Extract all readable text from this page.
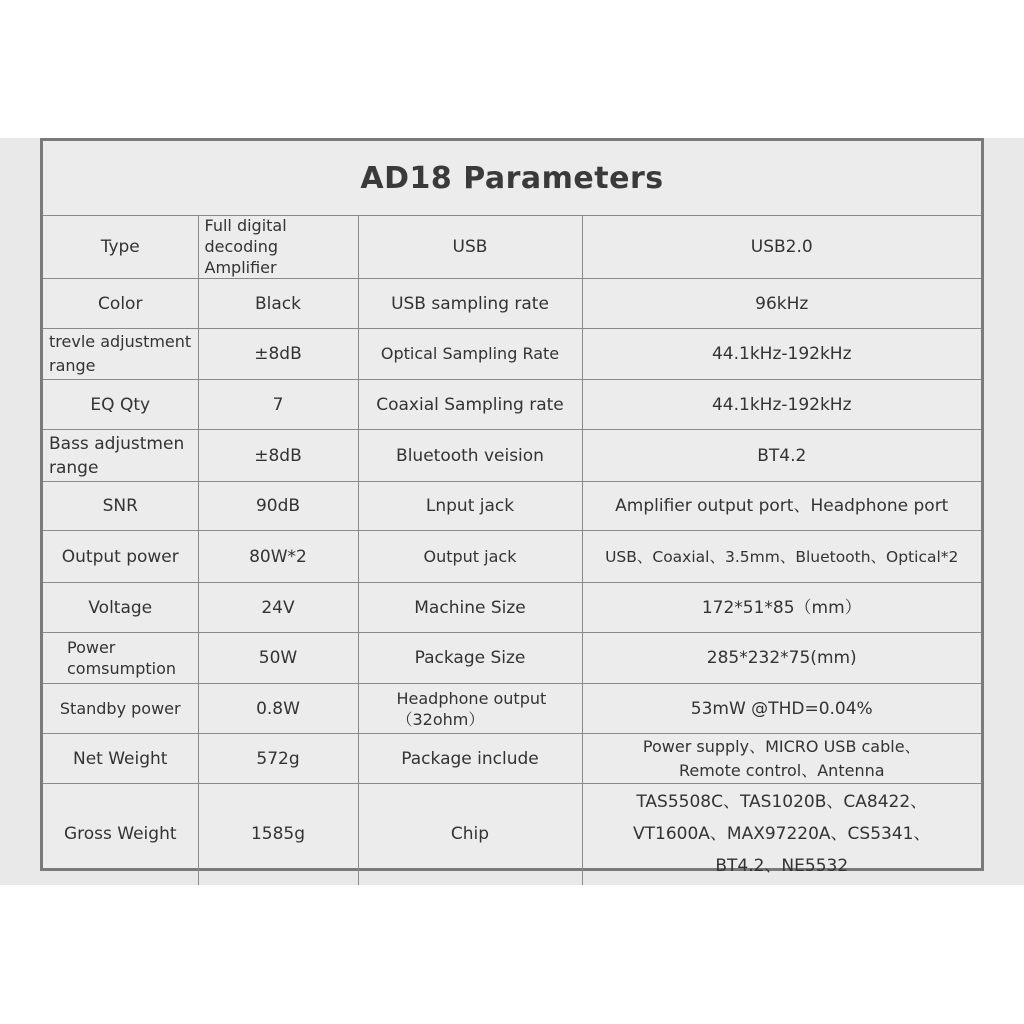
AD18 Parameters
Type	Full digital decoding Amplifier	USB	USB2.0
Color	Black	USB sampling rate	96kHz
trevle adjustment range	±8dB	Optical Sampling Rate	44.1kHz-192kHz
EQ Qty	7	Coaxial Sampling rate	44.1kHz-192kHz
Bass adjustmen range	±8dB	Bluetooth veision	BT4.2
SNR	90dB	Lnput jack	Amplifier output port、Headphone port
Output power	80W*2	Output jack	USB、Coaxial、3.5mm、Bluetooth、Optical*2
Voltage	24V	Machine Size	172*51*85（mm）
Power comsumption	50W	Package Size	285*232*75(mm)
Standby power	0.8W	Headphone output（32ohm）	53mW @THD=0.04%
Net Weight	572g	Package include	Power supply、MICRO USB cable、Remote control、Antenna
Gross Weight	1585g	Chip	TAS5508C、TAS1020B、CA8422、VT1600A、MAX97220A、CS5341、BT4.2、NE5532
